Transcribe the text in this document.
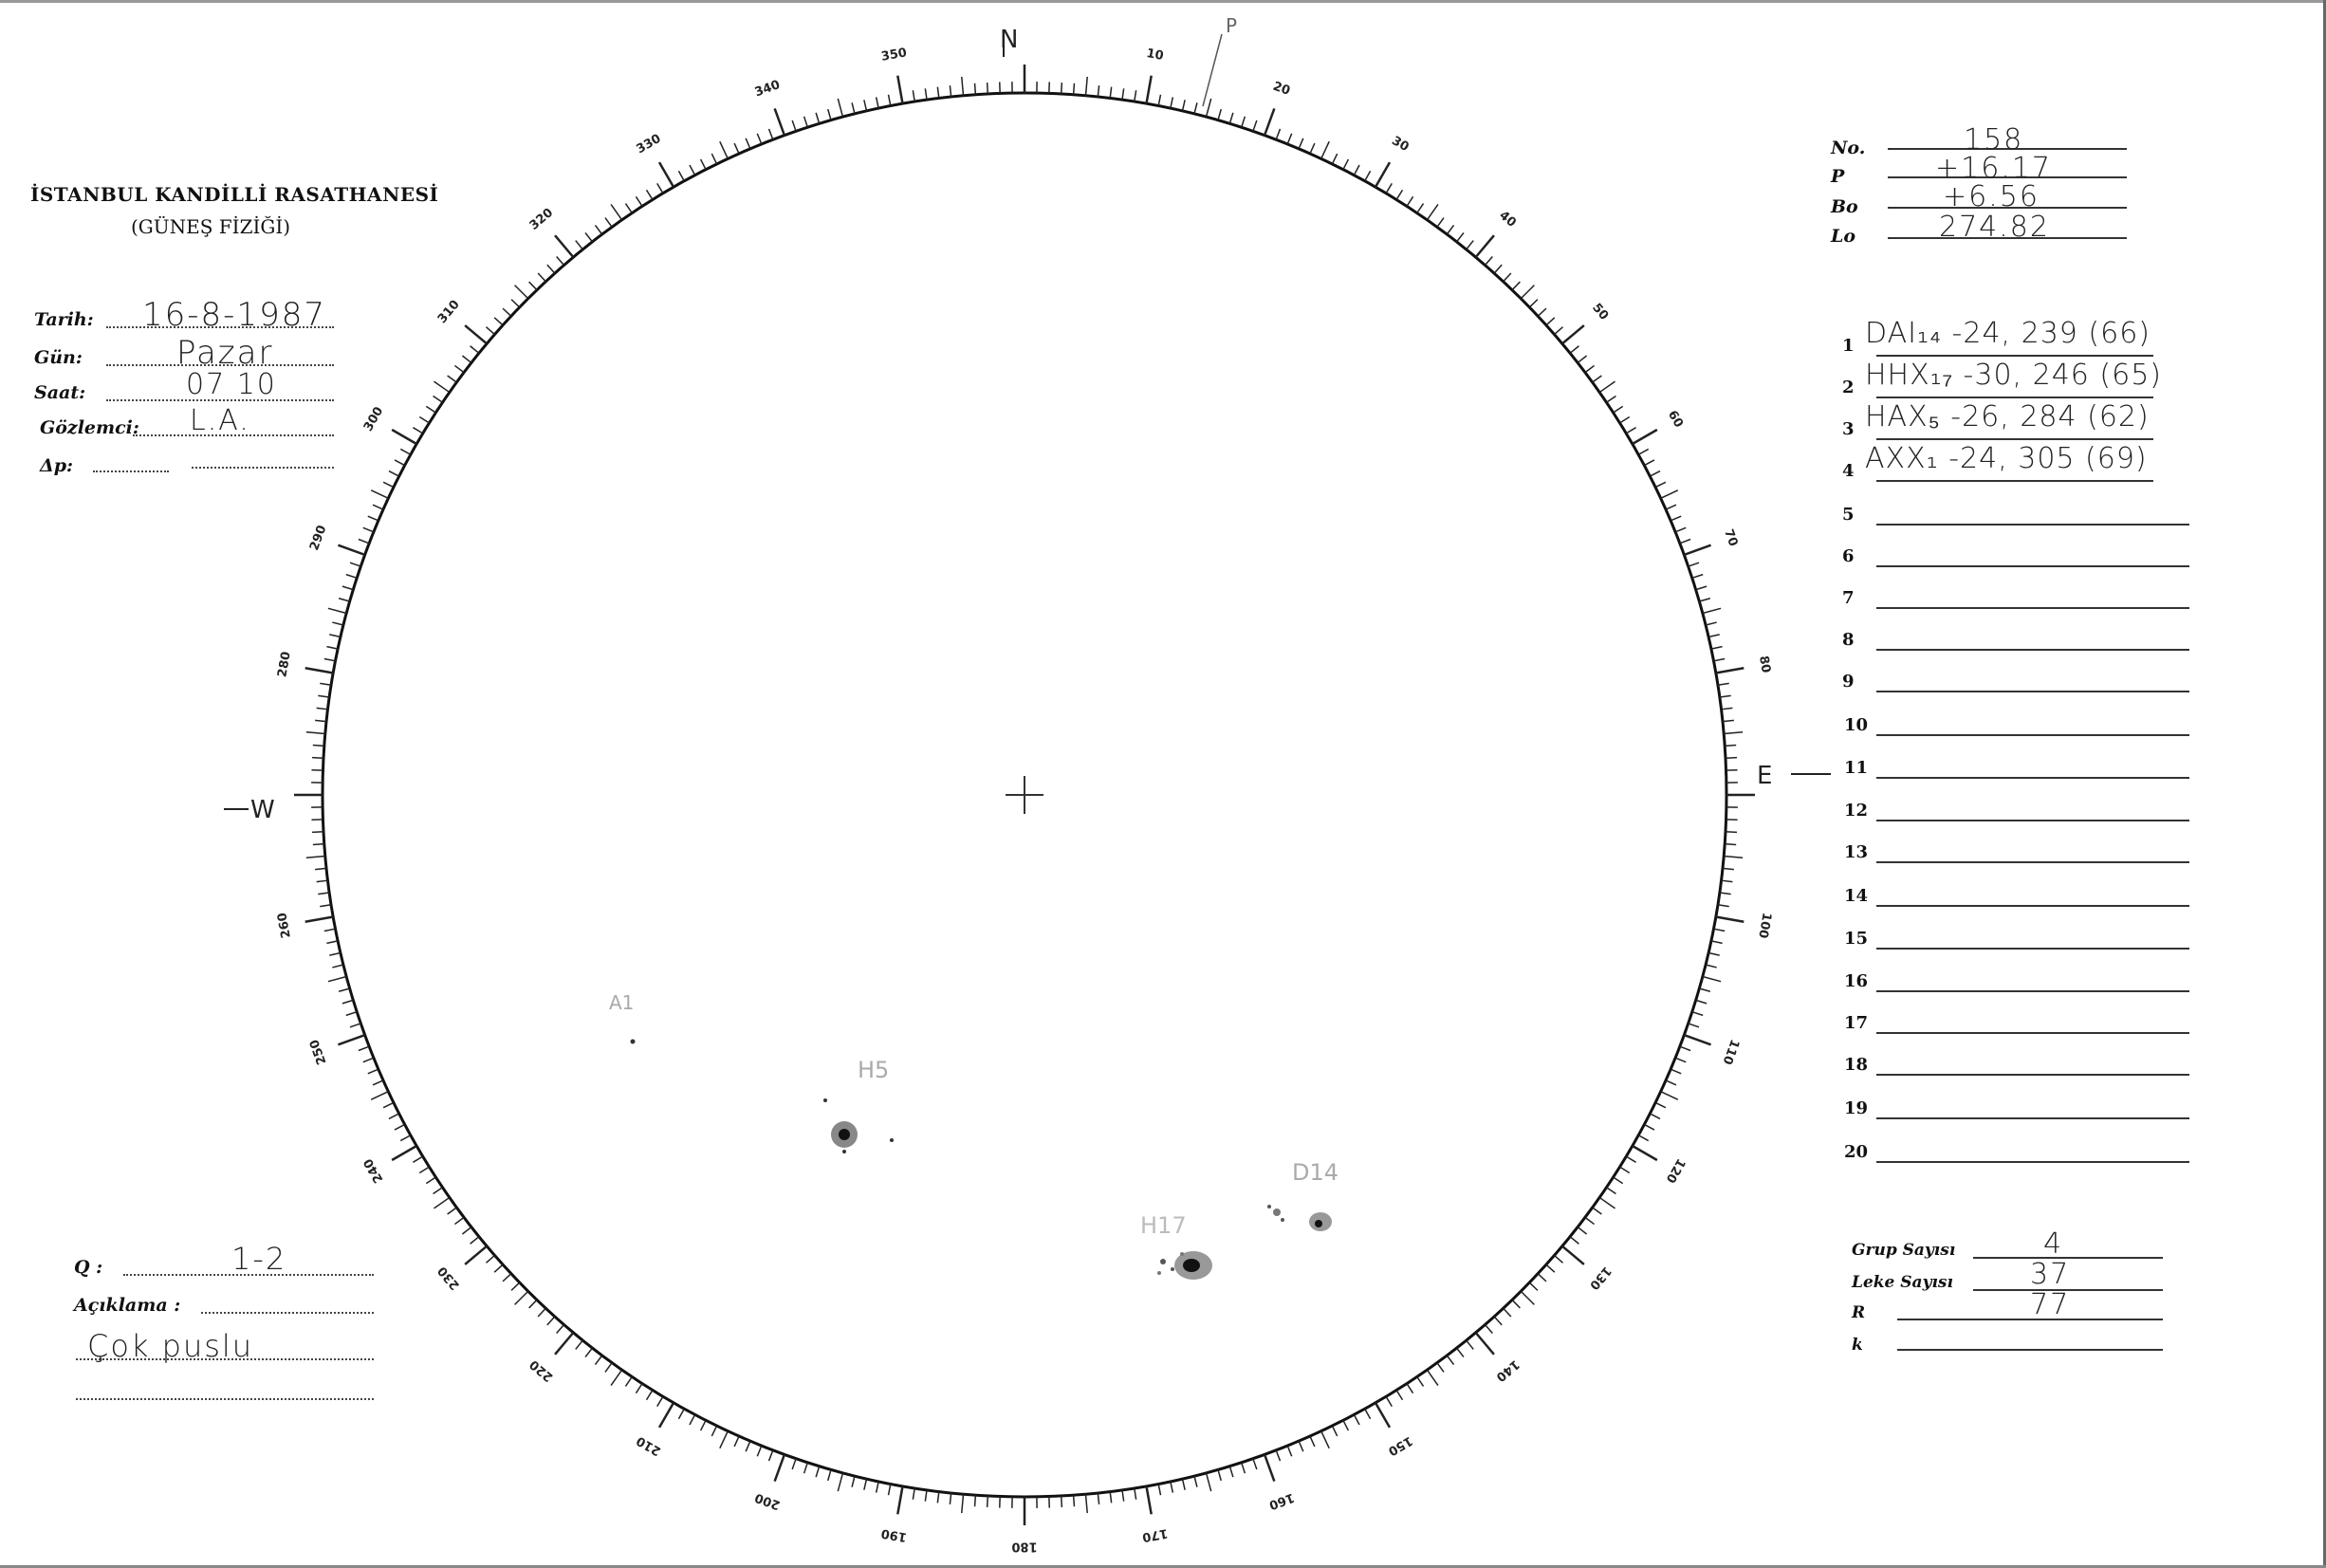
İSTANBUL KANDİLLİ RASATHANESİ
(GÜNEŞ FİZİĞİ)
Tarih: 16-8-1987
Gün:	Pazar
Saat:	07 10
Gözlemci: L.A.
Δp:
Q :	1-2
Açıklama :
Çok puslu
No.	158
P	+16.17
Bo	+6.56
Lo	274.82
1 DAI₁₄ -24, 239 (66)
2 HHX₁₇ -30, 246 (65)
3 HAX₅ -26, 284 (62)
4 AXX₁ -24, 305 (69)
5
6
7
8
9
10
11
12
13
14
15
16
17
18
19
20
Grup Sayısı	4
Leke Sayısı	37
R	77
k
10
20
30
40
50
60
70
80
100
110
120
130
140
150
160
170
180
190
200
210
220
230
240
250
260
280
290
300
310
320
330
340
350
N
E
W
P
A1
H5
H17
D14
